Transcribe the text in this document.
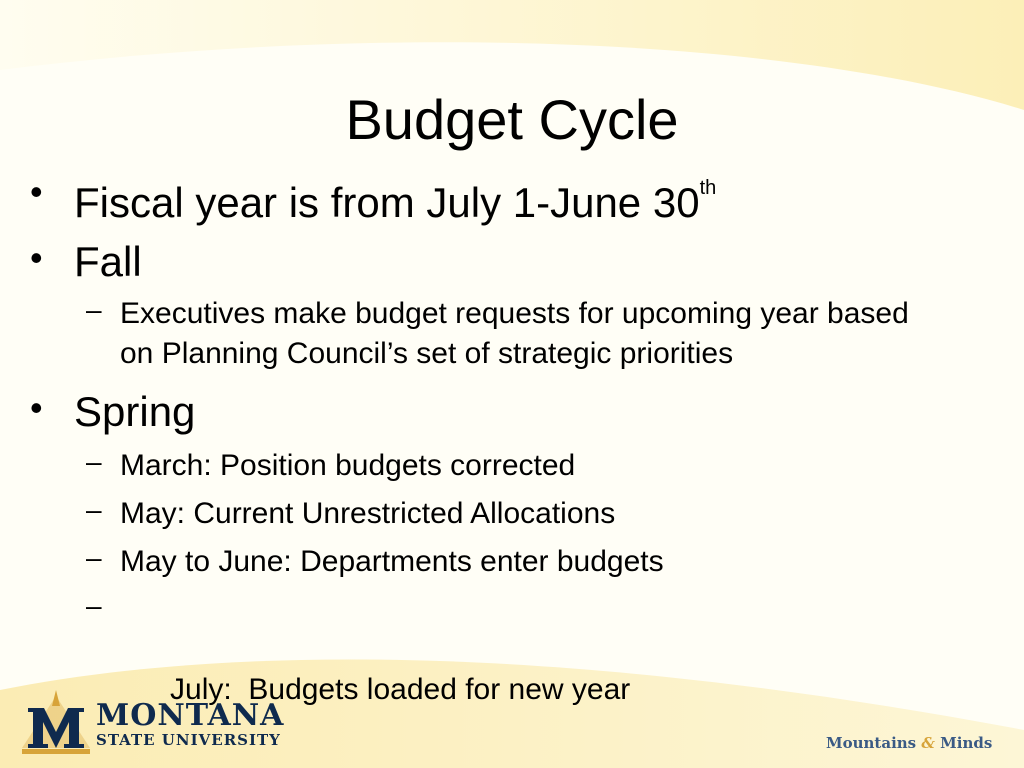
Budget Cycle
• Fiscal year is from July 1-June 30th
• Fall
– Executives make budget requests for upcoming year based on Planning Council’s set of strategic priorities
• Spring
– March: Position budgets corrected
– May: Current Unrestricted Allocations
– May to June: Departments enter budgets

–

July:  Budgets loaded for new year

MONTANA
STATE UNIVERSITY	Mountains & Minds
